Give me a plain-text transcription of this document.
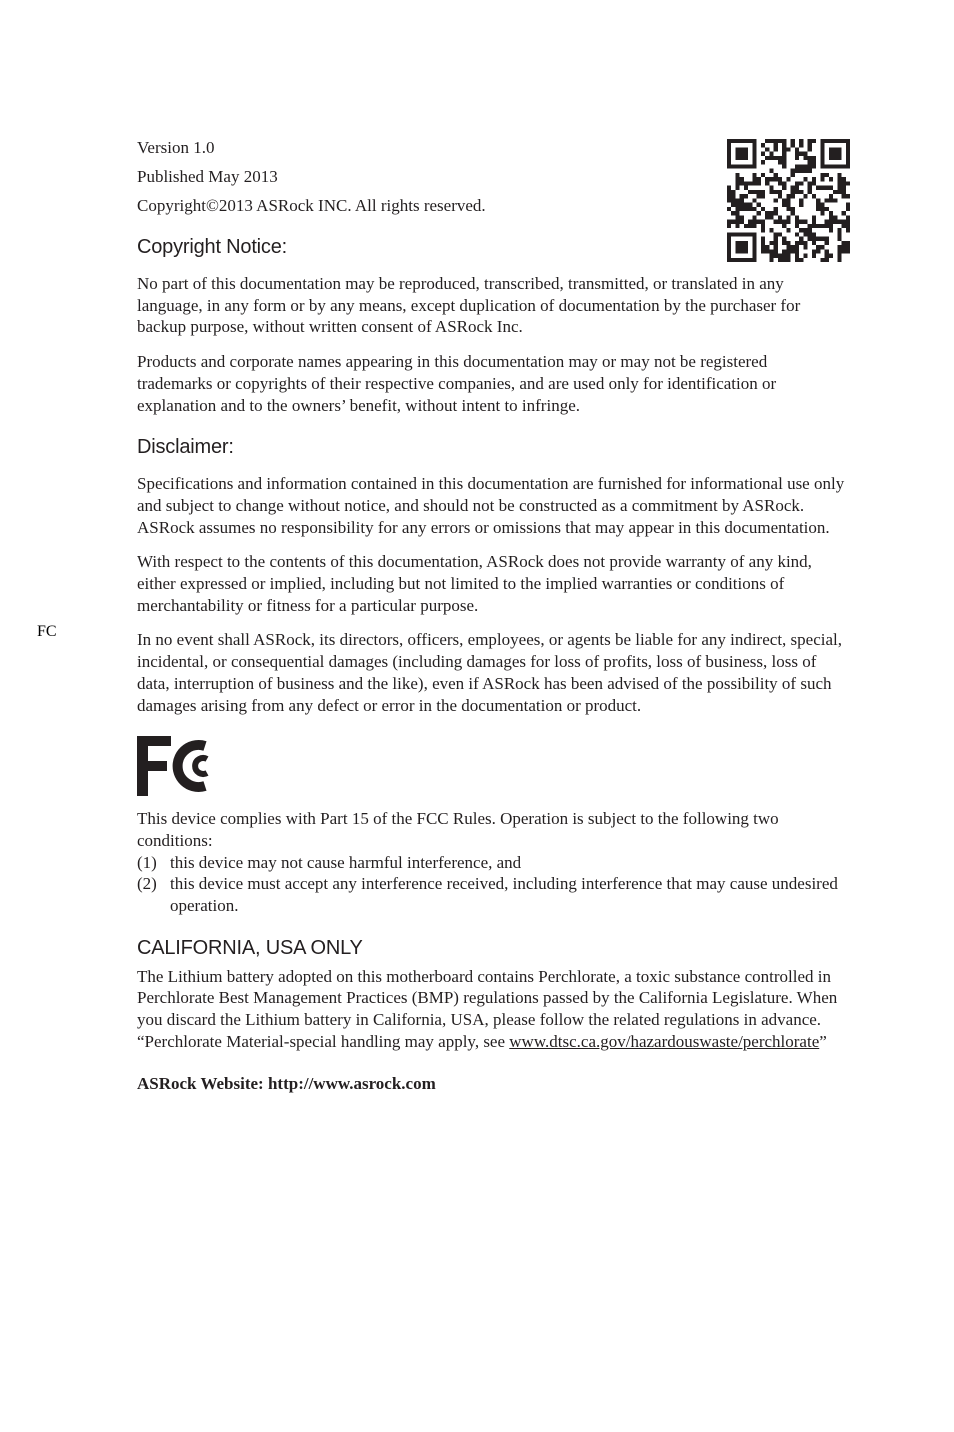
Version 1.0

Published May 2013

Copyright©2013 ASRock INC. All rights reserved.

Copyright Notice:

No part of this documentation may be reproduced, transcribed, transmitted, or translated in any language, in any form or by any means, except duplication of documentation by the purchaser for backup purpose, without written consent of ASRock Inc.

Products and corporate names appearing in this documentation may or may not be registered trademarks or copyrights of their respective companies, and are used only for identification or explanation and to the owners’ benefit, without intent to infringe.

Disclaimer:

Specifications and information contained in this documentation are furnished for informational use only and subject to change without notice, and should not be constructed as a commitment by ASRock. ASRock assumes no responsibility for any errors or omissions that may appear in this documentation.

With respect to the contents of this documentation, ASRock does not provide warranty of any kind, either expressed or implied, including but not limited to the implied warranties or conditions of merchantability or fitness for a particular purpose.

In no event shall ASRock, its directors, officers, employees, or agents be liable for any indirect, special, incidental, or consequential damages (including damages for loss of profits, loss of business, loss of data, interruption of business and the like), even if ASRock has been advised of the possibility of such damages arising from any defect or error in the documentation or product.

FC

This device complies with Part 15 of the FCC Rules. Operation is subject to the following two conditions:

(1) this device may not cause harmful interference, and
(2) this device must accept any interference received, including interference that may cause undesired operation.
CALIFORNIA, USA ONLY

The Lithium battery adopted on this motherboard contains Perchlorate, a toxic substance controlled in Perchlorate Best Management Practices (BMP) regulations passed by the California Legislature. When you discard the Lithium battery in California, USA, please follow the related regulations in advance.

“Perchlorate Material-special handling may apply, see www.dtsc.ca.gov/hazardouswaste/perchlorate”

ASRock Website: http://www.asrock.com
